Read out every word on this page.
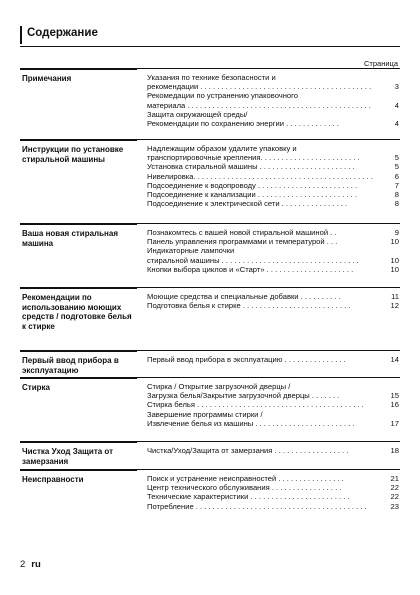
Содержание
Страница
Примечания	Указания по технике безопасности и
рекомендации . . . . . . . . . . . . . . . . . . . . . . . . . . . . . . . . . . . . . . . . .	3
Рекомедации по устранению упаковочного
материала . . . . . . . . . . . . . . . . . . . . . . . . . . . . . . . . . . . . . . . . . . . .	4
Защита окружающей среды/
Рекомендации по сохранению энергии . . . . . . . . . . . . .	4
Инструкции по установке стиральной машины
Надлежащим образом удалите упаковку и
транспортировочные крепления. . . . . . . . . . . . . . . . . . . . . . . .	5
Установка стиральной машины . . . . . . . . . . . . . . . . . . . . . . .	5
Нивелировка. . . . . . . . . . . . . . . . . . . . . . . . . . . . . . . . . . . . . . . . . . .	6
Подсоединение к водопроводу . . . . . . . . . . . . . . . . . . . . . . . .	7
Подсоединение к канализации . . . . . . . . . . . . . . . . . . . . . . . .	8
Подсоединение к электрической сети . . . . . . . . . . . . . . . .	8
Ваша новая стиральная машина
Познакомтесь с вашей новой стиральной машиной . .	9
Панель управления программами и температурой . . .	10
Индикаторные лампочки
стиральной машины . . . . . . . . . . . . . . . . . . . . . . . . . . . . . . . . .	10
Кнопки выбора циклов и «Старт» . . . . . . . . . . . . . . . . . . . . .	10
Рекомендации по использованию моющих средств / подготовке белья к стирке
Моющие средства и специальные добавки . . . . . . . . . .	11
Подготовка белья к стирке . . . . . . . . . . . . . . . . . . . . . . . . . .	12
Первый ввод прибора в эксплуатацию
Первый ввод прибора в эксплуатацию . . . . . . . . . . . . . . .	14
Стирка	Стирка / Открытие загрузочной дверцы /
Загрузка белья/Закрытие загрузочной дверцы . . . . . . .	15
Стирка белья . . . . . . . . . . . . . . . . . . . . . . . . . . . . . . . . . . . . . . . .	16
Завершение программы стирки /
Извлечение белья из машины . . . . . . . . . . . . . . . . . . . . . . . .	17
Чистка Уход Защита от замерзания
Чистка/Уход/Защита от замерзания . . . . . . . . . . . . . . . . . .	18
Неисправности	Поиск и устранение неисправностей . . . . . . . . . . . . . . . .	21
Центр технического обслуживания . . . . . . . . . . . . . . . . .	22
Технические характеристики . . . . . . . . . . . . . . . . . . . . . . . .	22
Потребление . . . . . . . . . . . . . . . . . . . . . . . . . . . . . . . . . . . . . . . . .	23
2 ru
